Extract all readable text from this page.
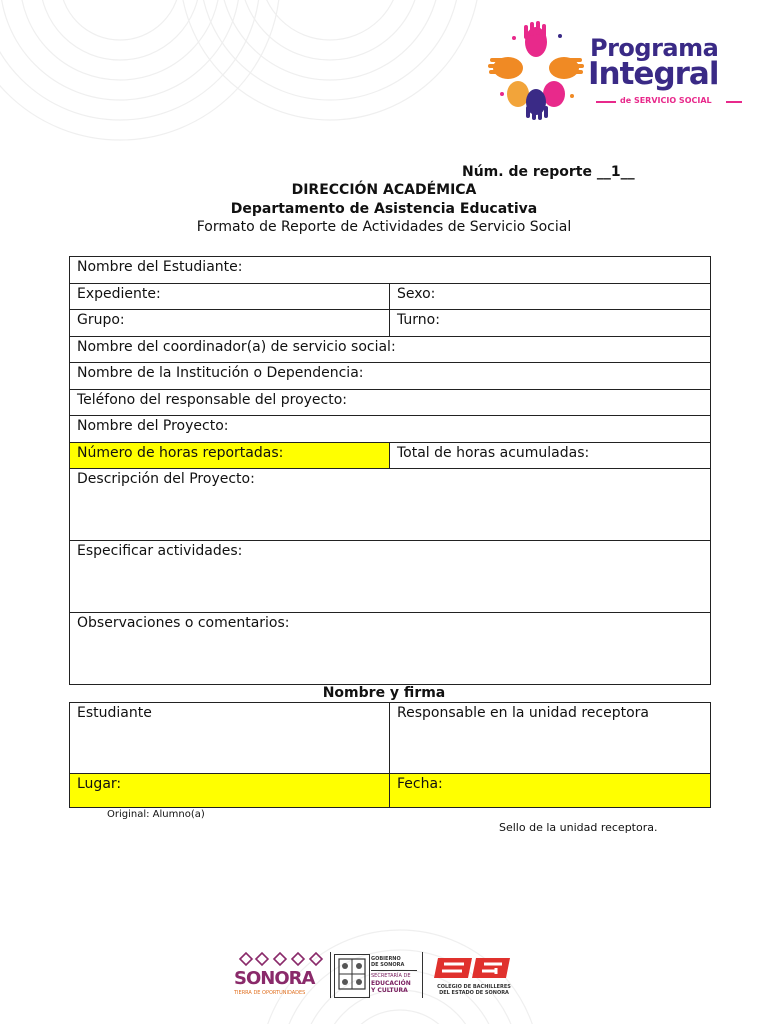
Programa
Integral
de SERVICIO SOCIAL
Núm. de reporte __1__
DIRECCIÓN ACADÉMICA
Departamento de Asistencia Educativa
Formato de Reporte de Actividades de Servicio Social
Nombre del Estudiante:	
Expediente:	Sexo:
Grupo:	Turno:
Nombre del coordinador(a) de servicio social:	
Nombre de la Institución o Dependencia:	
Teléfono del responsable del proyecto:	
Nombre del Proyecto:	
Número de horas reportadas:	Total de horas acumuladas:
Descripción del Proyecto:	
Especificar actividades:	
Observaciones o comentarios:	
Nombre y firma
Estudiante	Responsable en la unidad receptora
Lugar:	Fecha:
Original: Alumno(a)
Sello de la unidad receptora.
SONORA
TIERRA DE OPORTUNIDADES
GOBIERNO
DE SONORA
SECRETARÍA DE
EDUCACIÓN
Y CULTURA	COLEGIO DE BACHILLERES
DEL ESTADO DE SONORA
